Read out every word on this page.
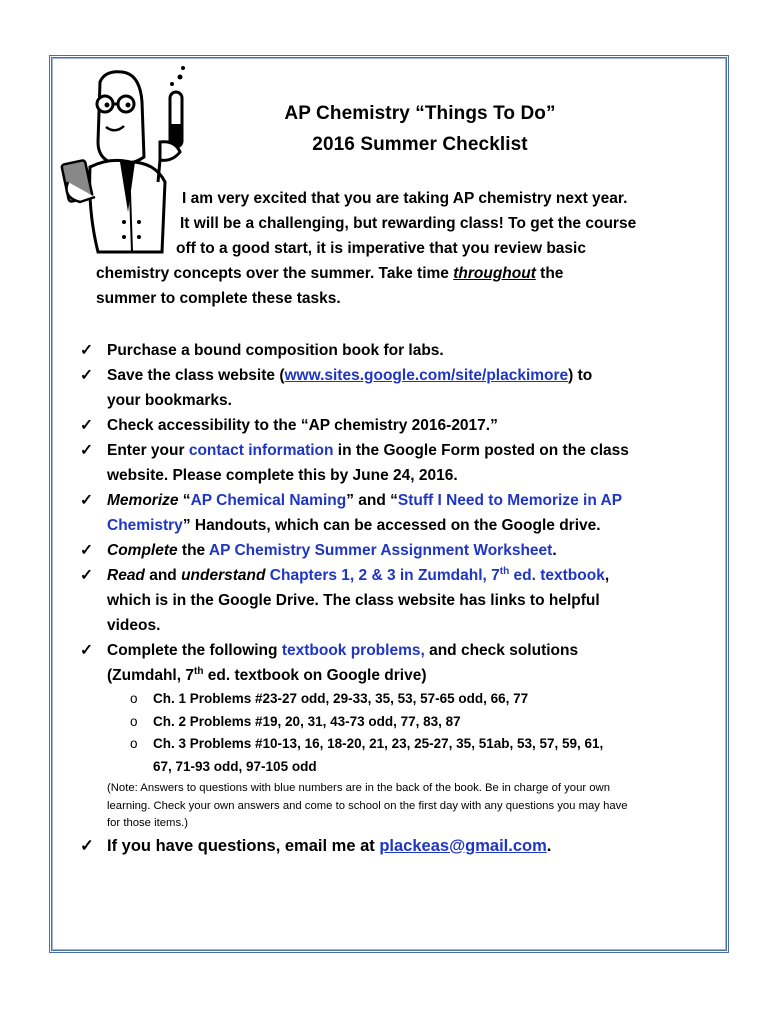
AP Chemistry “Things To Do”
2016 Summer Checklist
I am very excited that you are taking AP chemistry next year.
It will be a challenging, but rewarding class! To get the course
off to a good start, it is imperative that you review basic
chemistry concepts over the summer. Take time throughout the
summer to complete these tasks.
✓ Purchase a bound composition book for labs.
✓ Save the class website (www.sites.google.com/site/plackimore) to
your bookmarks.
✓ Check accessibility to the “AP chemistry 2016-2017.”
✓ Enter your contact information in the Google Form posted on the class
website. Please complete this by June 24, 2016.
✓ Memorize “AP Chemical Naming” and “Stuff I Need to Memorize in AP
Chemistry” Handouts, which can be accessed on the Google drive.
✓ Complete the AP Chemistry Summer Assignment Worksheet.
✓ Read and understand Chapters 1, 2 & 3 in Zumdahl, 7th ed. textbook,
which is in the Google Drive. The class website has links to helpful
videos.
✓ Complete the following textbook problems, and check solutions
(Zumdahl, 7th ed. textbook on Google drive)
o Ch. 1 Problems #23-27 odd, 29-33, 35, 53, 57-65 odd, 66, 77
o Ch. 2 Problems #19, 20, 31, 43-73 odd, 77, 83, 87
o Ch. 3 Problems #10-13, 16, 18-20, 21, 23, 25-27, 35, 51ab, 53, 57, 59, 61,
67, 71-93 odd, 97-105 odd
(Note: Answers to questions with blue numbers are in the back of the book. Be in charge of your own
learning. Check your own answers and come to school on the first day with any questions you may have
for those items.)
✓ If you have questions, email me at plackeas@gmail.com.
